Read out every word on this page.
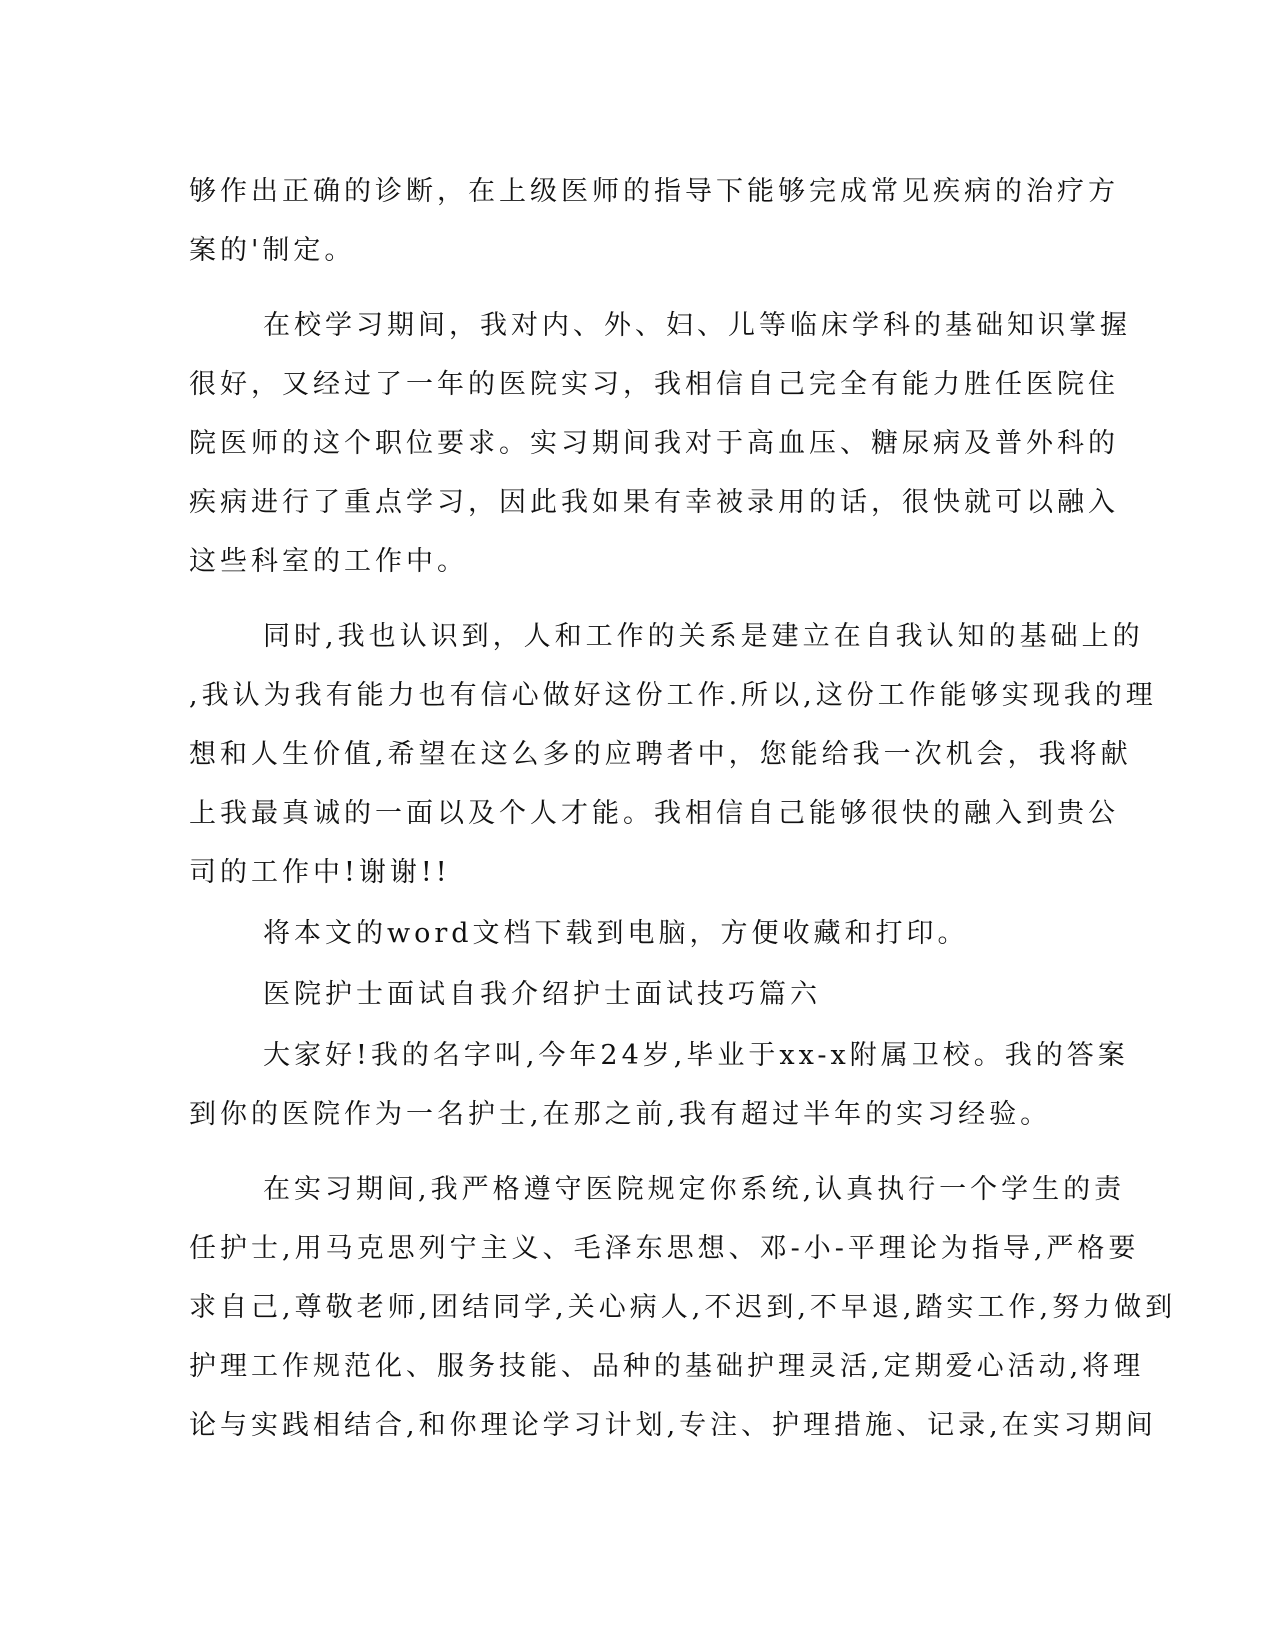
够作出正确的诊断，在上级医师的指导下能够完成常见疾病的治疗方
案的'制定。
在校学习期间，我对内、外、妇、儿等临床学科的基础知识掌握
很好，又经过了一年的医院实习，我相信自己完全有能力胜任医院住
院医师的这个职位要求。实习期间我对于高血压、糖尿病及普外科的
疾病进行了重点学习，因此我如果有幸被录用的话，很快就可以融入
这些科室的工作中。
同时,我也认识到，人和工作的关系是建立在自我认知的基础上的
,我认为我有能力也有信心做好这份工作.所以,这份工作能够实现我的理
想和人生价值,希望在这么多的应聘者中，您能给我一次机会，我将献
上我最真诚的一面以及个人才能。我相信自己能够很快的融入到贵公
司的工作中!谢谢!!
将本文的word文档下载到电脑，方便收藏和打印。
医院护士面试自我介绍护士面试技巧篇六
大家好!我的名字叫,今年24岁,毕业于xx-x附属卫校。我的答案
到你的医院作为一名护士,在那之前,我有超过半年的实习经验。
在实习期间,我严格遵守医院规定你系统,认真执行一个学生的责
任护士,用马克思列宁主义、毛泽东思想、邓-小-平理论为指导,严格要
求自己,尊敬老师,团结同学,关心病人,不迟到,不早退,踏实工作,努力做到
护理工作规范化、服务技能、品种的基础护理灵活,定期爱心活动,将理
论与实践相结合,和你理论学习计划,专注、护理措施、记录,在实习期间
